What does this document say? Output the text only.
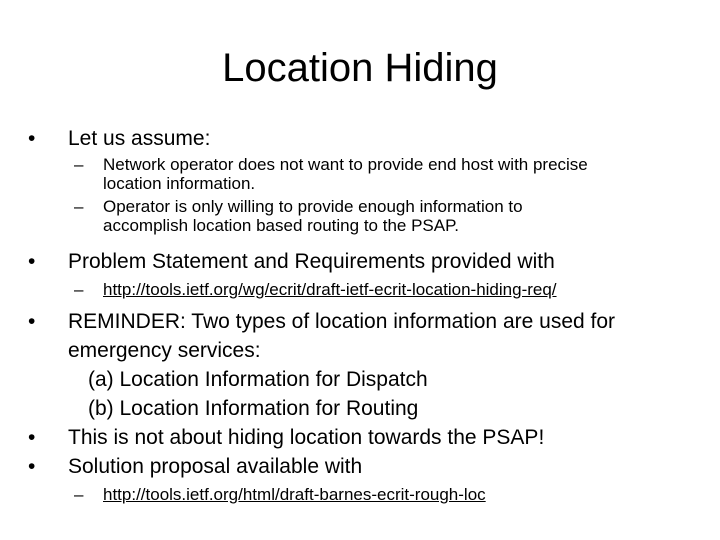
Location Hiding
• Let us assume:
– Network operator does not want to provide end host with precise
location information.
– Operator is only willing to provide enough information to
accomplish location based routing to the PSAP.
• Problem Statement and Requirements provided with
– http://tools.ietf.org/wg/ecrit/draft-ietf-ecrit-location-hiding-req/
• REMINDER: Two types of location information are used for
emergency services:
(a) Location Information for Dispatch
(b) Location Information for Routing
• This is not about hiding location towards the PSAP!
• Solution proposal available with
– http://tools.ietf.org/html/draft-barnes-ecrit-rough-loc
